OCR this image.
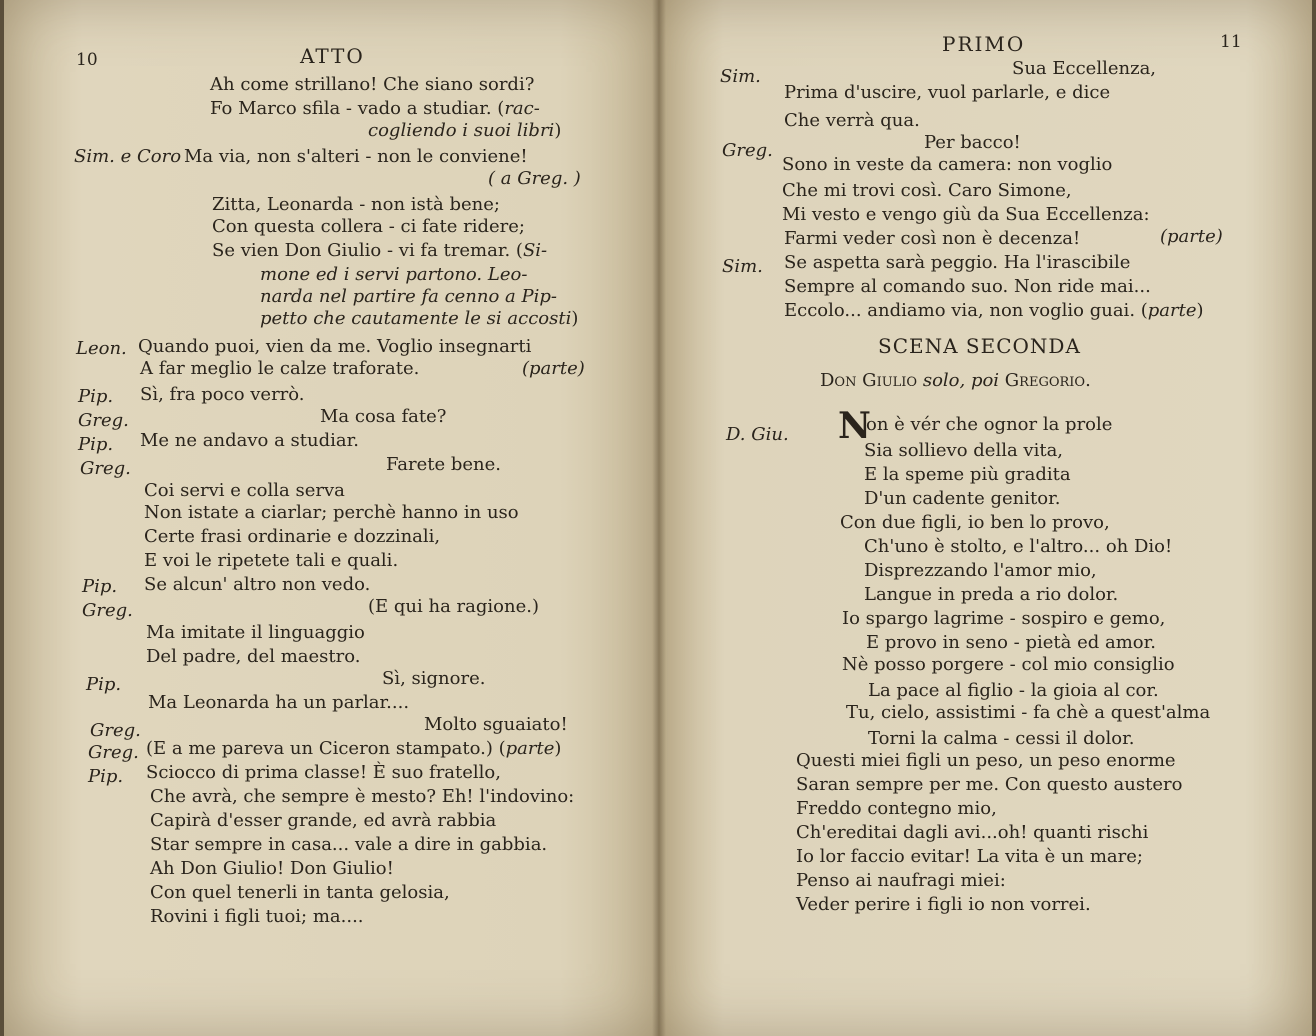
10	ATTO
Ah come strillano! Che siano sordi?
Fo Marco sfila - vado a studiar. (rac-
cogliendo i suoi libri)
Sim. e Coro Ma via, non s'alteri - non le conviene!
( a Greg. )
Zitta, Leonarda - non istà bene;
Con questa collera - ci fate ridere;
Se vien Don Giulio - vi fa tremar. (Si-
mone ed i servi partono. Leo-
narda nel partire fa cenno a Pip-
petto che cautamente le si accosti)
Leon. Quando puoi, vien da me. Voglio insegnarti
A far meglio le calze traforate.	(parte)
Pip. Sì, fra poco verrò.
Greg.	Ma cosa fate?
Pip. Me ne andavo a studiar.
Greg.	Farete bene.
Coi servi e colla serva
Non istate a ciarlar; perchè hanno in uso
Certe frasi ordinarie e dozzinali,
E voi le ripetete tali e quali.
Pip. Se alcun' altro non vedo.
Greg.	(E qui ha ragione.)
Ma imitate il linguaggio
Del padre, del maestro.
Pip.	Sì, signore.
Ma Leonarda ha un parlar....
Greg.	Molto sguaiato!
Greg. (E a me pareva un Ciceron stampato.) (parte)
Pip. Sciocco di prima classe! È suo fratello,
Che avrà, che sempre è mesto? Eh! l'indovino:
Capirà d'esser grande, ed avrà rabbia
Star sempre in casa... vale a dire in gabbia.
Ah Don Giulio! Don Giulio!
Con quel tenerli in tanta gelosia,
Rovini i figli tuoi; ma....
PRIMO	11
Sim.	Sua Eccellenza,
Prima d'uscire, vuol parlarle, e dice
Che verrà qua.
Greg.	Per bacco!
Sono in veste da camera: non voglio
Che mi trovi così. Caro Simone,
Mi vesto e vengo giù da Sua Eccellenza:
Farmi veder così non è decenza!	(parte)
Sim. Se aspetta sarà peggio. Ha l'irascibile
Sempre al comando suo. Non ride mai...
Eccolo... andiamo via, non voglio guai. (parte)
SCENA SECONDA
Don Giulio solo, poi Gregorio.
D. Giu. N
on è vér che ognor la prole
Sia sollievo della vita,
E la speme più gradita
D'un cadente genitor.
Con due figli, io ben lo provo,
Ch'uno è stolto, e l'altro... oh Dio!
Disprezzando l'amor mio,
Langue in preda a rio dolor.
Io spargo lagrime - sospiro e gemo,
E provo in seno - pietà ed amor.
Nè posso porgere - col mio consiglio
La pace al figlio - la gioia al cor.
Tu, cielo, assistimi - fa chè a quest'alma
Torni la calma - cessi il dolor.
Questi miei figli un peso, un peso enorme
Saran sempre per me. Con questo austero
Freddo contegno mio,
Ch'ereditai dagli avi...oh! quanti rischi
Io lor faccio evitar! La vita è un mare;
Penso ai naufragi miei:
Veder perire i figli io non vorrei.
